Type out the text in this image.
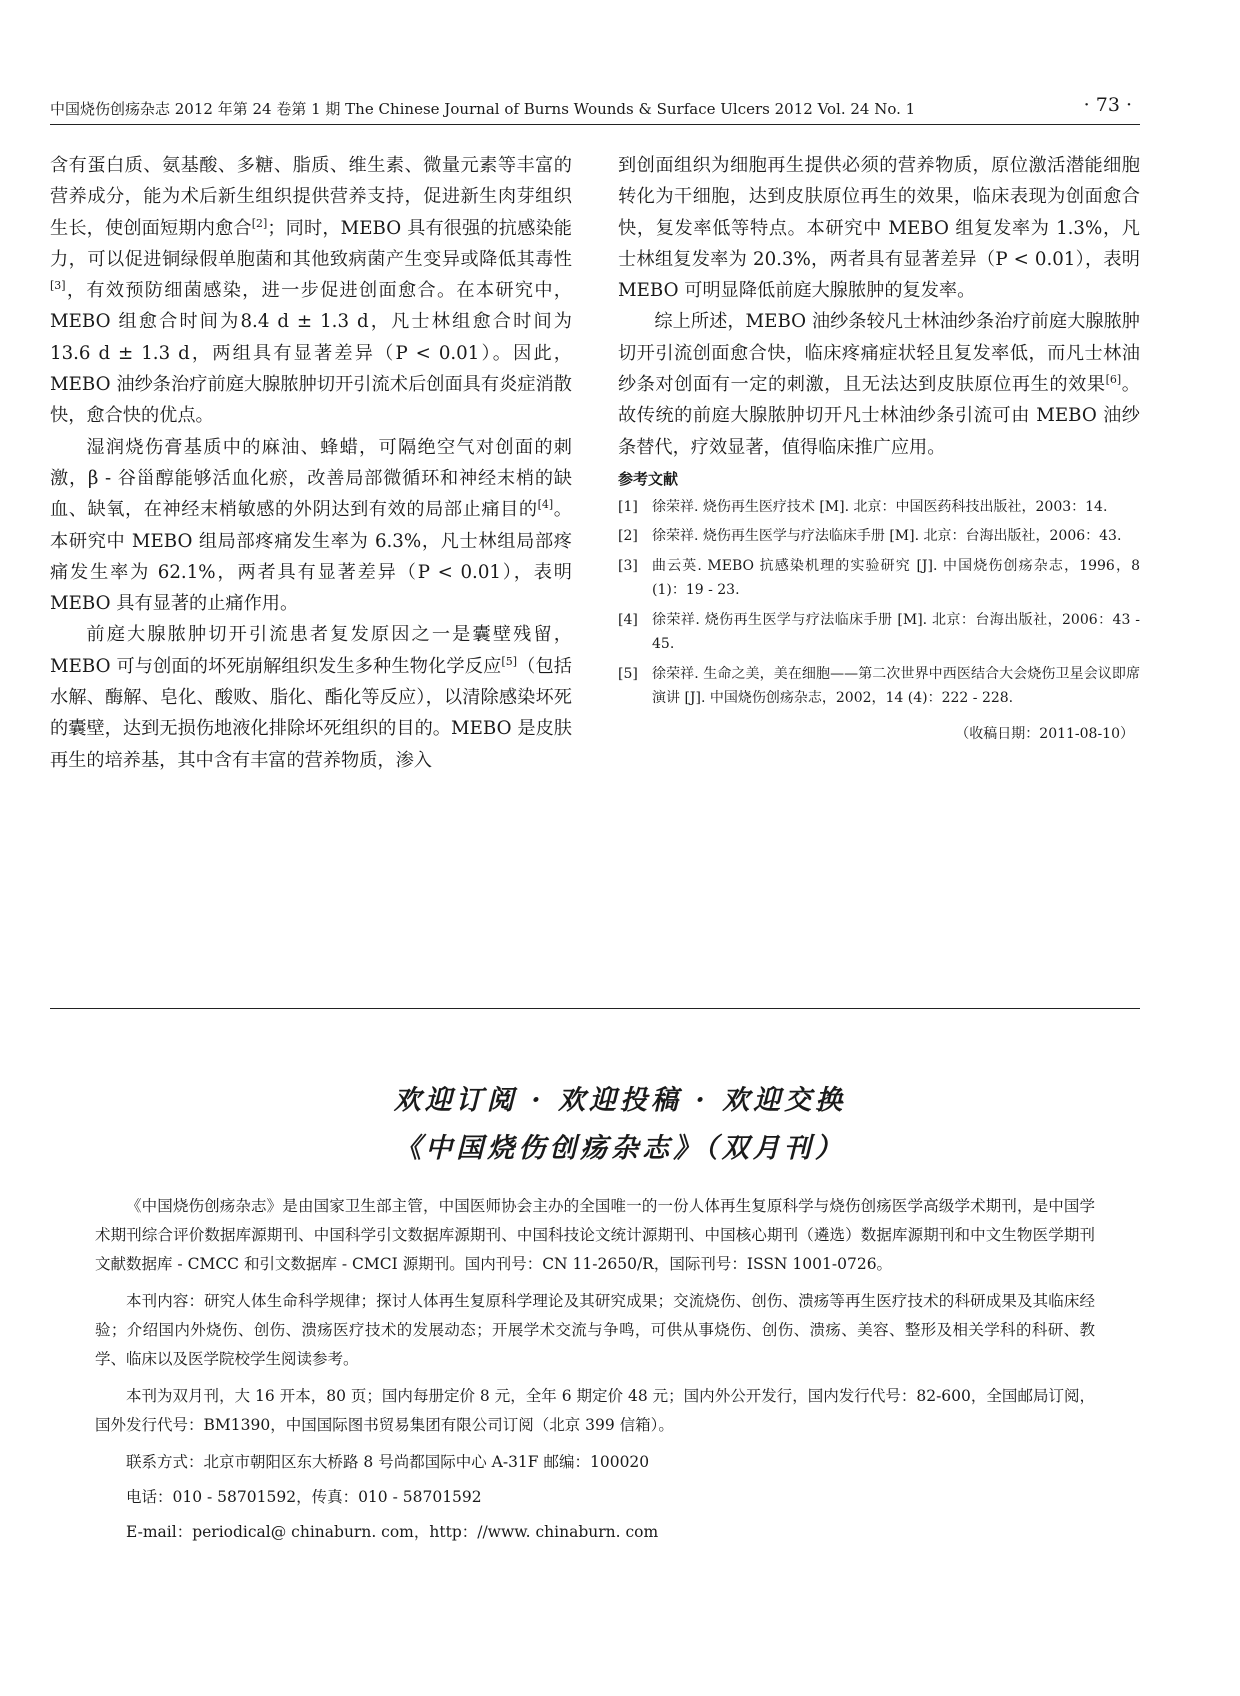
中国烧伤创疡杂志 2012 年第 24 卷第 1 期 The Chinese Journal of Burns Wounds & Surface Ulcers 2012 Vol. 24 No. 1	· 73 ·

含有蛋白质、氨基酸、多糖、脂质、维生素、微量元素等丰富的营养成分，能为术后新生组织提供营养支持，促进新生肉芽组织生长，使创面短期内愈合[2]；同时，MEBO 具有很强的抗感染能力，可以促进铜绿假单胞菌和其他致病菌产生变异或降低其毒性[3]，有效预防细菌感染，进一步促进创面愈合。在本研究中，MEBO 组愈合时间为8.4 d ± 1.3 d，凡士林组愈合时间为 13.6 d ± 1.3 d，两组具有显著差异（P < 0.01）。因此，MEBO 油纱条治疗前庭大腺脓肿切开引流术后创面具有炎症消散快，愈合快的优点。

湿润烧伤膏基质中的麻油、蜂蜡，可隔绝空气对创面的刺激，β - 谷甾醇能够活血化瘀，改善局部微循环和神经末梢的缺血、缺氧，在神经末梢敏感的外阴达到有效的局部止痛目的[4]。本研究中 MEBO 组局部疼痛发生率为 6.3%，凡士林组局部疼痛发生率为 62.1%，两者具有显著差异（P < 0.01），表明 MEBO 具有显著的止痛作用。

前庭大腺脓肿切开引流患者复发原因之一是囊壁残留，MEBO 可与创面的坏死崩解组织发生多种生物化学反应[5]（包括水解、酶解、皂化、酸败、脂化、酯化等反应），以清除感染坏死的囊壁，达到无损伤地液化排除坏死组织的目的。MEBO 是皮肤再生的培养基，其中含有丰富的营养物质，渗入

到创面组织为细胞再生提供必须的营养物质，原位激活潜能细胞转化为干细胞，达到皮肤原位再生的效果，临床表现为创面愈合快，复发率低等特点。本研究中 MEBO 组复发率为 1.3%，凡士林组复发率为 20.3%，两者具有显著差异（P < 0.01），表明 MEBO 可明显降低前庭大腺脓肿的复发率。

综上所述，MEBO 油纱条较凡士林油纱条治疗前庭大腺脓肿切开引流创面愈合快，临床疼痛症状轻且复发率低，而凡士林油纱条对创面有一定的刺激，且无法达到皮肤原位再生的效果[6]。故传统的前庭大腺脓肿切开凡士林油纱条引流可由 MEBO 油纱条替代，疗效显著，值得临床推广应用。

参考文献
[1] 徐荣祥. 烧伤再生医疗技术 [M]. 北京：中国医药科技出版社，2003：14.
[2] 徐荣祥. 烧伤再生医学与疗法临床手册 [M]. 北京：台海出版社，2006：43.
[3] 曲云英. MEBO 抗感染机理的实验研究 [J]. 中国烧伤创疡杂志，1996，8 (1)：19 - 23.
[4] 徐荣祥. 烧伤再生医学与疗法临床手册 [M]. 北京：台海出版社，2006：43 - 45.
[5] 徐荣祥. 生命之美，美在细胞——第二次世界中西医结合大会烧伤卫星会议即席演讲 [J]. 中国烧伤创疡杂志，2002，14 (4)：222 - 228.
（收稿日期：2011-08-10）
欢迎订阅 · 欢迎投稿 · 欢迎交换
《中国烧伤创疡杂志》（双月刊）

《中国烧伤创疡杂志》是由国家卫生部主管，中国医师协会主办的全国唯一的一份人体再生复原科学与烧伤创疡医学高级学术期刊，是中国学术期刊综合评价数据库源期刊、中国科学引文数据库源期刊、中国科技论文统计源期刊、中国核心期刊（遴选）数据库源期刊和中文生物医学期刊文献数据库 - CMCC 和引文数据库 - CMCI 源期刊。国内刊号：CN 11-2650/R，国际刊号：ISSN 1001-0726。

本刊内容：研究人体生命科学规律；探讨人体再生复原科学理论及其研究成果；交流烧伤、创伤、溃疡等再生医疗技术的科研成果及其临床经验；介绍国内外烧伤、创伤、溃疡医疗技术的发展动态；开展学术交流与争鸣，可供从事烧伤、创伤、溃疡、美容、整形及相关学科的科研、教学、临床以及医学院校学生阅读参考。

本刊为双月刊，大 16 开本，80 页；国内每册定价 8 元，全年 6 期定价 48 元；国内外公开发行，国内发行代号：82-600，全国邮局订阅，国外发行代号：BM1390，中国国际图书贸易集团有限公司订阅（北京 399 信箱）。

联系方式：北京市朝阳区东大桥路 8 号尚都国际中心 A-31F 邮编：100020

电话：010 - 58701592，传真：010 - 58701592

E-mail：periodical@ chinaburn. com，http：//www. chinaburn. com
